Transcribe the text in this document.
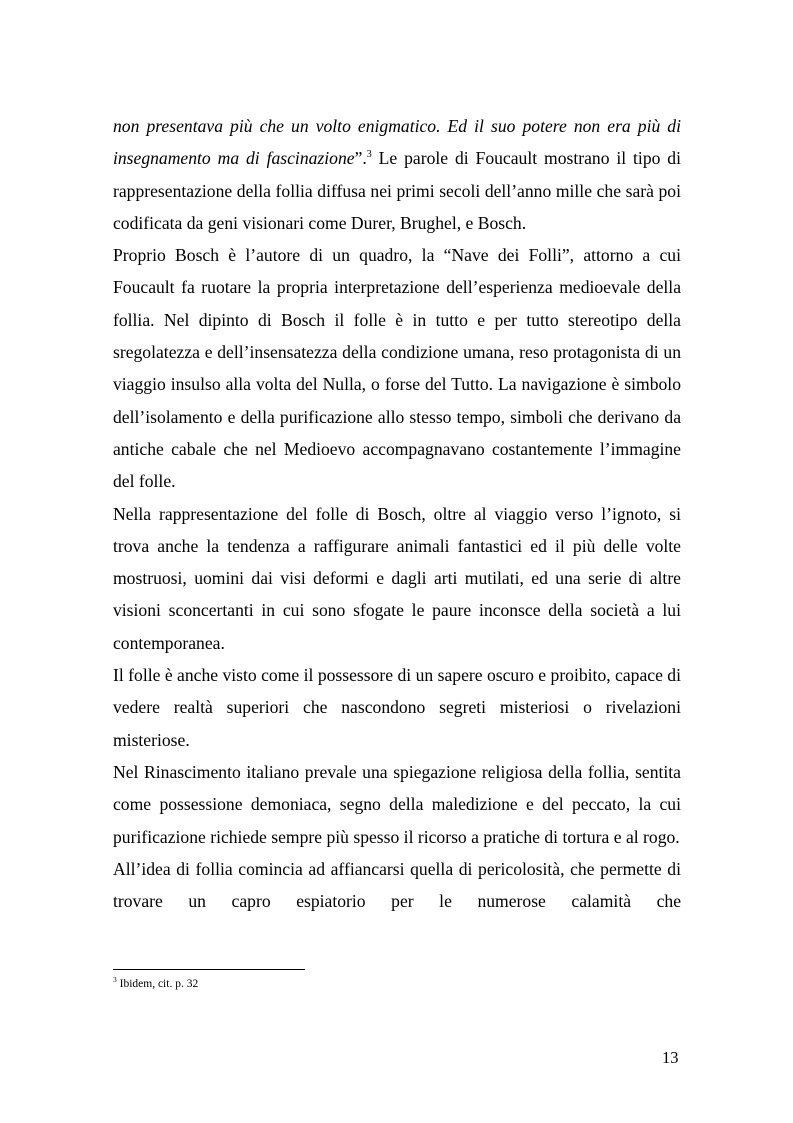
non presentava più che un volto enigmatico. Ed il suo potere non era più di insegnamento ma di fascinazione”.$^3$ Le parole di Foucault mostrano il tipo di rappresentazione della follia diffusa nei primi secoli dell’anno mille che sarà poi codificata da geni visionari come Durer, Brughel, e Bosch.

Proprio Bosch è l’autore di un quadro, la “Nave dei Folli”, attorno a cui Foucault fa ruotare la propria interpretazione dell’esperienza medioevale della follia. Nel dipinto di Bosch il folle è in tutto e per tutto stereotipo della sregolatezza e dell’insensatezza della condizione umana, reso protagonista di un viaggio insulso alla volta del Nulla, o forse del Tutto. La navigazione è simbolo dell’isolamento e della purificazione allo stesso tempo, simboli che derivano da antiche cabale che nel Medioevo accompagnavano costantemente l’immagine del folle.

Nella rappresentazione del folle di Bosch, oltre al viaggio verso l’ignoto, si trova anche la tendenza a raffigurare animali fantastici ed il più delle volte mostruosi, uomini dai visi deformi e dagli arti mutilati, ed una serie di altre visioni sconcertanti in cui sono sfogate le paure inconsce della società a lui contemporanea.

Il folle è anche visto come il possessore di un sapere oscuro e proibito, capace di vedere realtà superiori che nascondono segreti misteriosi o rivelazioni misteriose.

Nel Rinascimento italiano prevale una spiegazione religiosa della follia, sentita come possessione demoniaca, segno della maledizione e del peccato, la cui purificazione richiede sempre più spesso il ricorso a pratiche di tortura e al rogo.

All’idea di follia comincia ad affiancarsi quella di pericolosità, che permette di trovare un capro espiatorio per le numerose calamità che

$^3$ Ibidem, cit. p. 32
13
